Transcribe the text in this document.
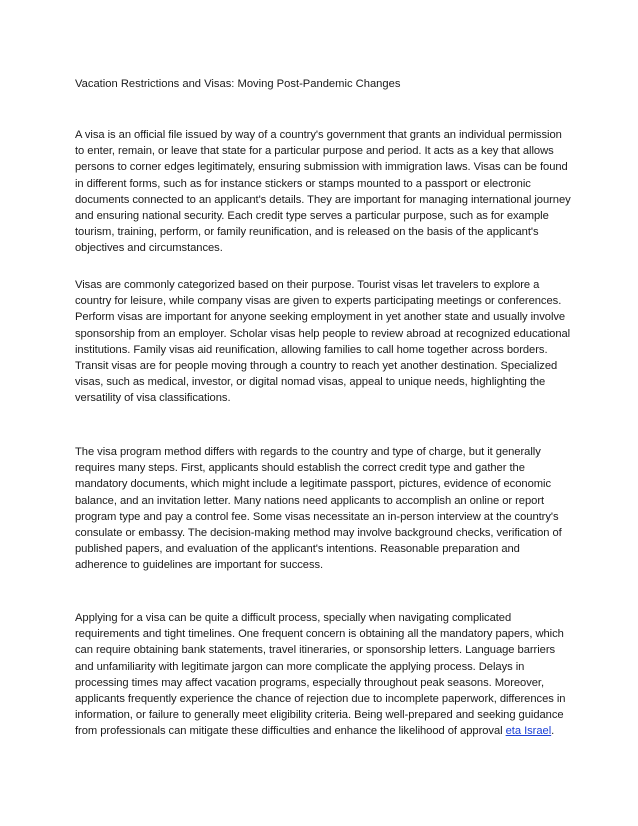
Vacation Restrictions and Visas: Moving Post-Pandemic Changes

A visa is an official file issued by way of a country's government that grants an individual permission to enter, remain, or leave that state for a particular purpose and period. It acts as a key that allows persons to corner edges legitimately, ensuring submission with immigration laws. Visas can be found in different forms, such as for instance stickers or stamps mounted to a passport or electronic documents connected to an applicant's details. They are important for managing international journey and ensuring national security. Each credit type serves a particular purpose, such as for example tourism, training, perform, or family reunification, and is released on the basis of the applicant's objectives and circumstances.

Visas are commonly categorized based on their purpose. Tourist visas let travelers to explore a country for leisure, while company visas are given to experts participating meetings or conferences. Perform visas are important for anyone seeking employment in yet another state and usually involve sponsorship from an employer. Scholar visas help people to review abroad at recognized educational institutions. Family visas aid reunification, allowing families to call home together across borders. Transit visas are for people moving through a country to reach yet another destination. Specialized visas, such as medical, investor, or digital nomad visas, appeal to unique needs, highlighting the versatility of visa classifications.

The visa program method differs with regards to the country and type of charge, but it generally requires many steps. First, applicants should establish the correct credit type and gather the mandatory documents, which might include a legitimate passport, pictures, evidence of economic balance, and an invitation letter. Many nations need applicants to accomplish an online or report program type and pay a control fee. Some visas necessitate an in-person interview at the country's consulate or embassy. The decision-making method may involve background checks, verification of published papers, and evaluation of the applicant's intentions. Reasonable preparation and adherence to guidelines are important for success.

Applying for a visa can be quite a difficult process, specially when navigating complicated requirements and tight timelines. One frequent concern is obtaining all the mandatory papers, which can require obtaining bank statements, travel itineraries, or sponsorship letters. Language barriers and unfamiliarity with legitimate jargon can more complicate the applying process. Delays in processing times may affect vacation programs, especially throughout peak seasons. Moreover, applicants frequently experience the chance of rejection due to incomplete paperwork, differences in information, or failure to generally meet eligibility criteria. Being well-prepared and seeking guidance from professionals can mitigate these difficulties and enhance the likelihood of approval eta Israel.
